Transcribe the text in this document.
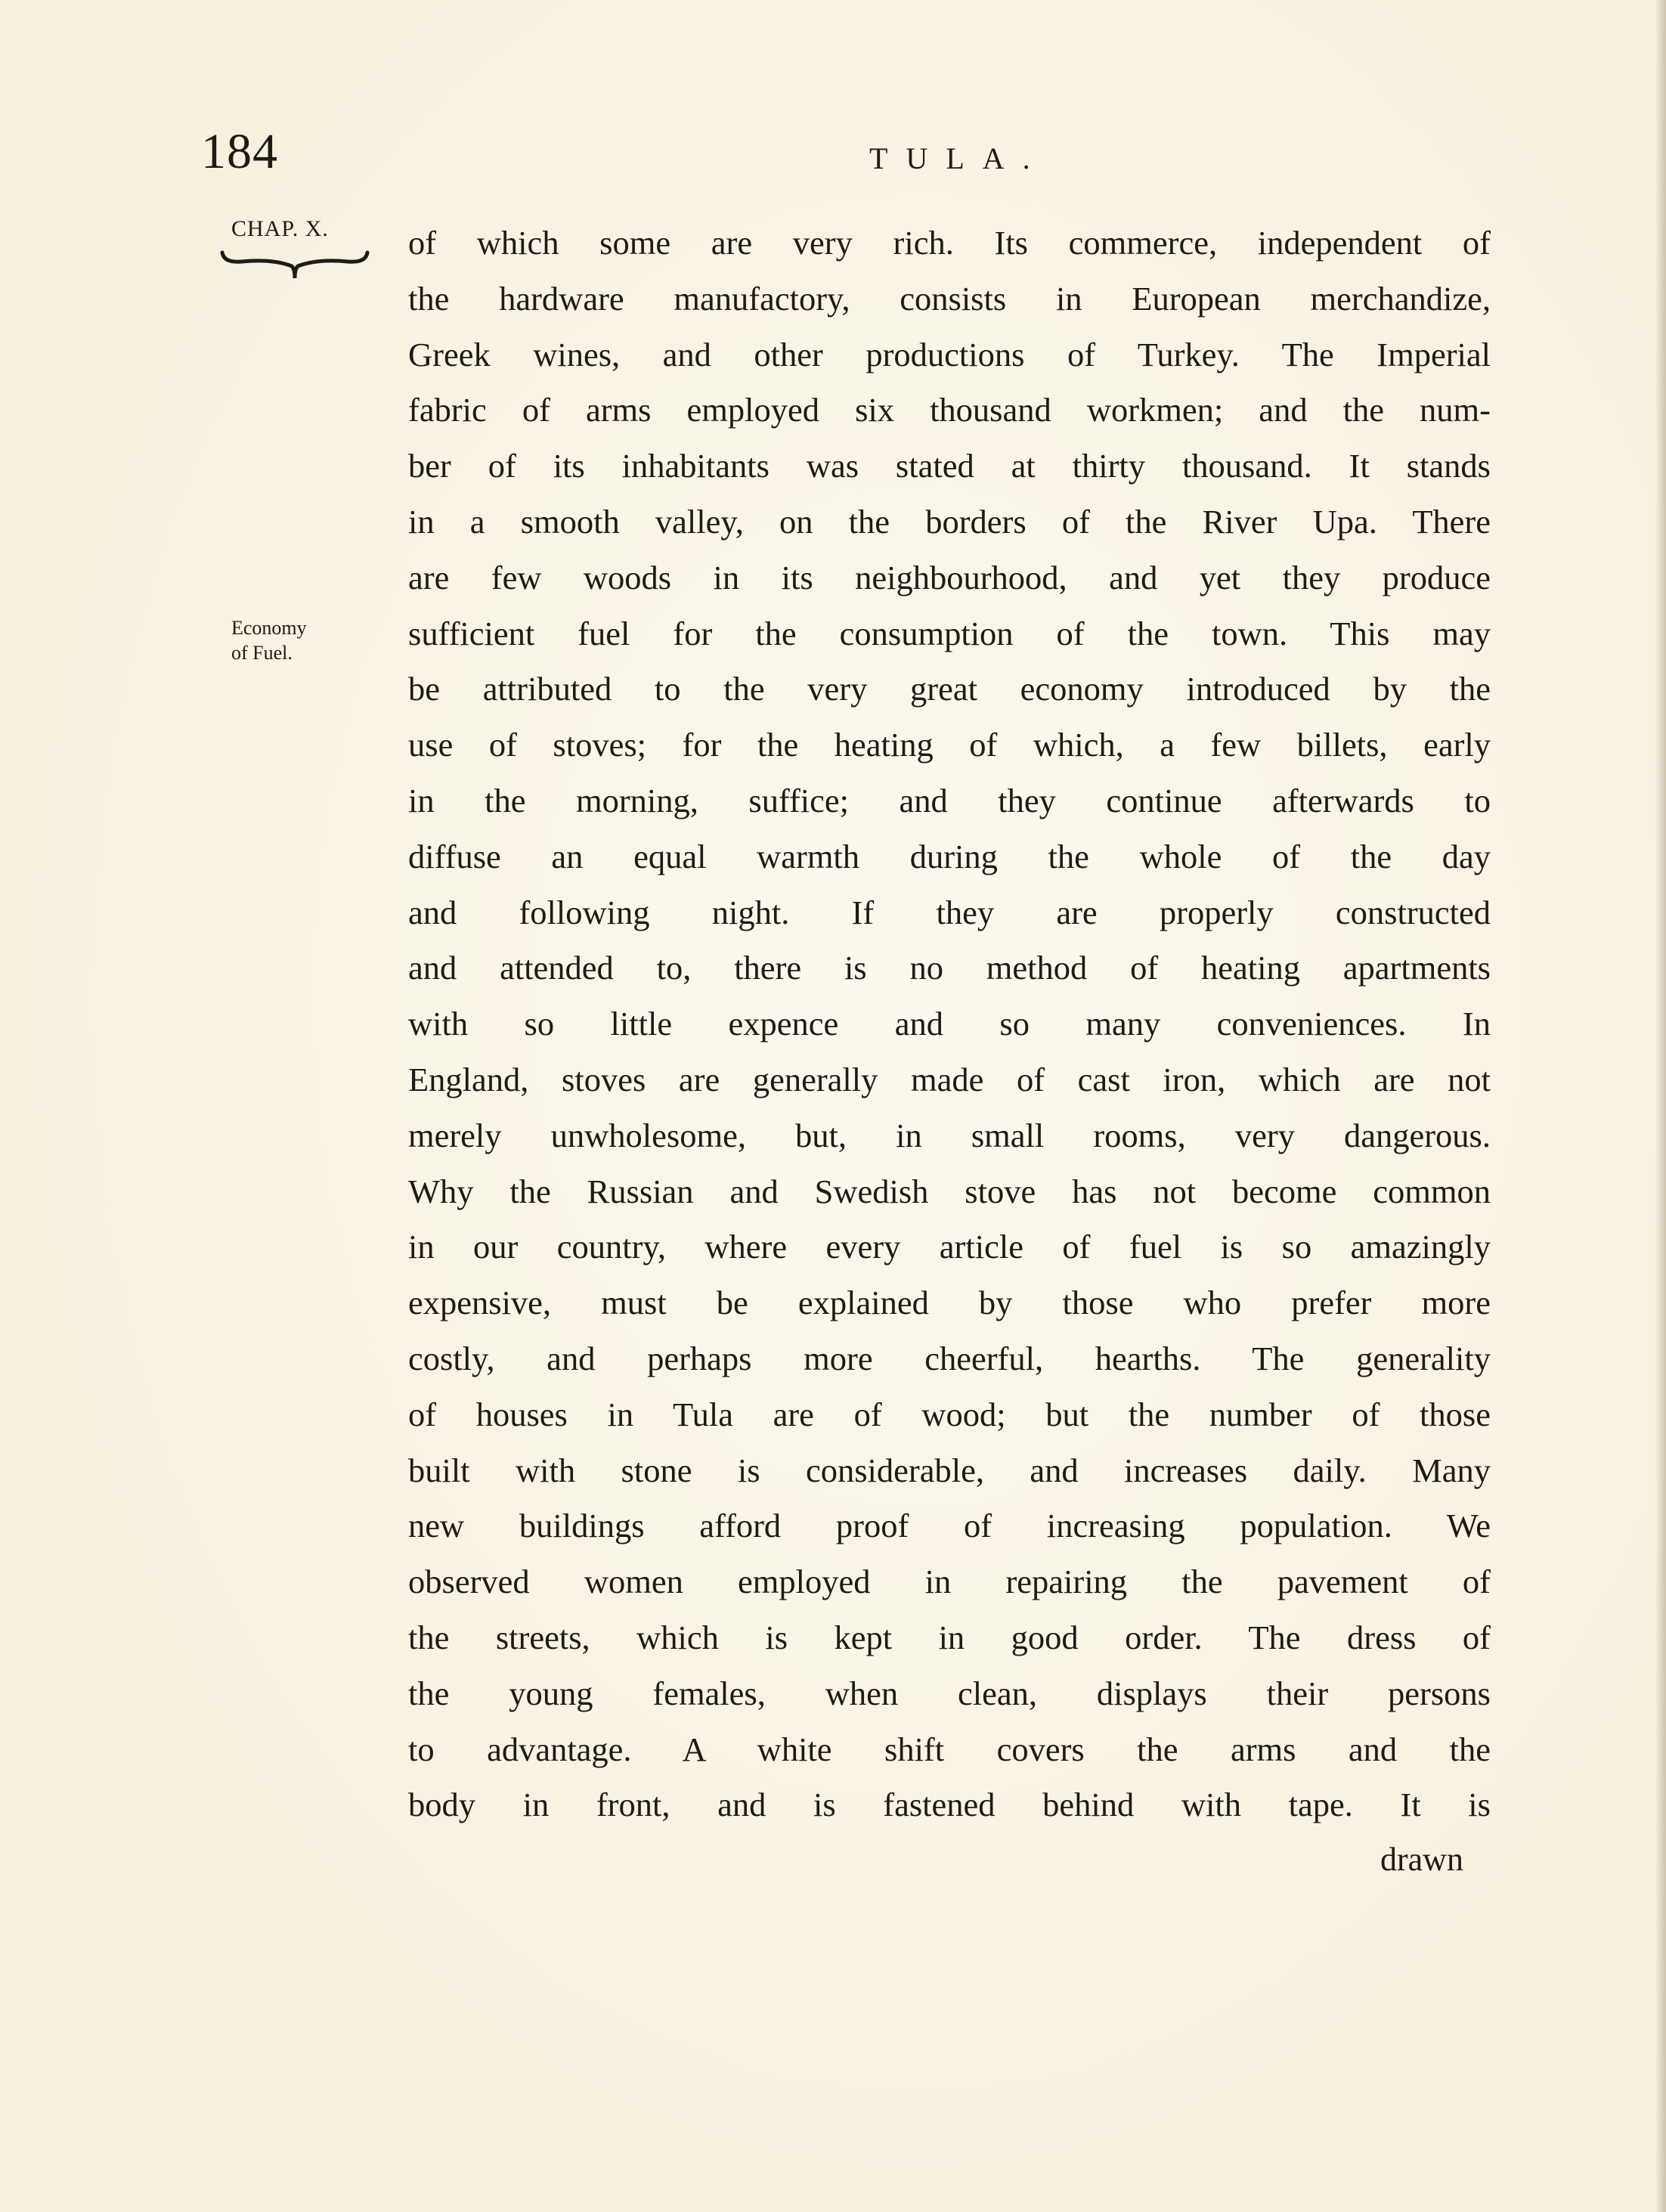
184	TULA.
CHAP. X.
Economy
of Fuel.
of which some are very rich. Its commerce, independent of
the hardware manufactory, consists in European merchandize,
Greek wines, and other productions of Turkey. The Imperial
fabric of arms employed six thousand workmen; and the num-
ber of its inhabitants was stated at thirty thousand. It stands
in a smooth valley, on the borders of the River Upa. There
are few woods in its neighbourhood, and yet they produce
sufficient fuel for the consumption of the town. This may
be attributed to the very great economy introduced by the
use of stoves; for the heating of which, a few billets, early
in the morning, suffice; and they continue afterwards to
diffuse an equal warmth during the whole of the day
and following night. If they are properly constructed
and attended to, there is no method of heating apartments
with so little expence and so many conveniences. In
England, stoves are generally made of cast iron, which are not
merely unwholesome, but, in small rooms, very dangerous.
Why the Russian and Swedish stove has not become common
in our country, where every article of fuel is so amazingly
expensive, must be explained by those who prefer more
costly, and perhaps more cheerful, hearths. The generality
of houses in Tula are of wood; but the number of those
built with stone is considerable, and increases daily. Many
new buildings afford proof of increasing population. We
observed women employed in repairing the pavement of
the streets, which is kept in good order. The dress of
the young females, when clean, displays their persons
to advantage. A white shift covers the arms and the
body in front, and is fastened behind with tape. It is
drawn
